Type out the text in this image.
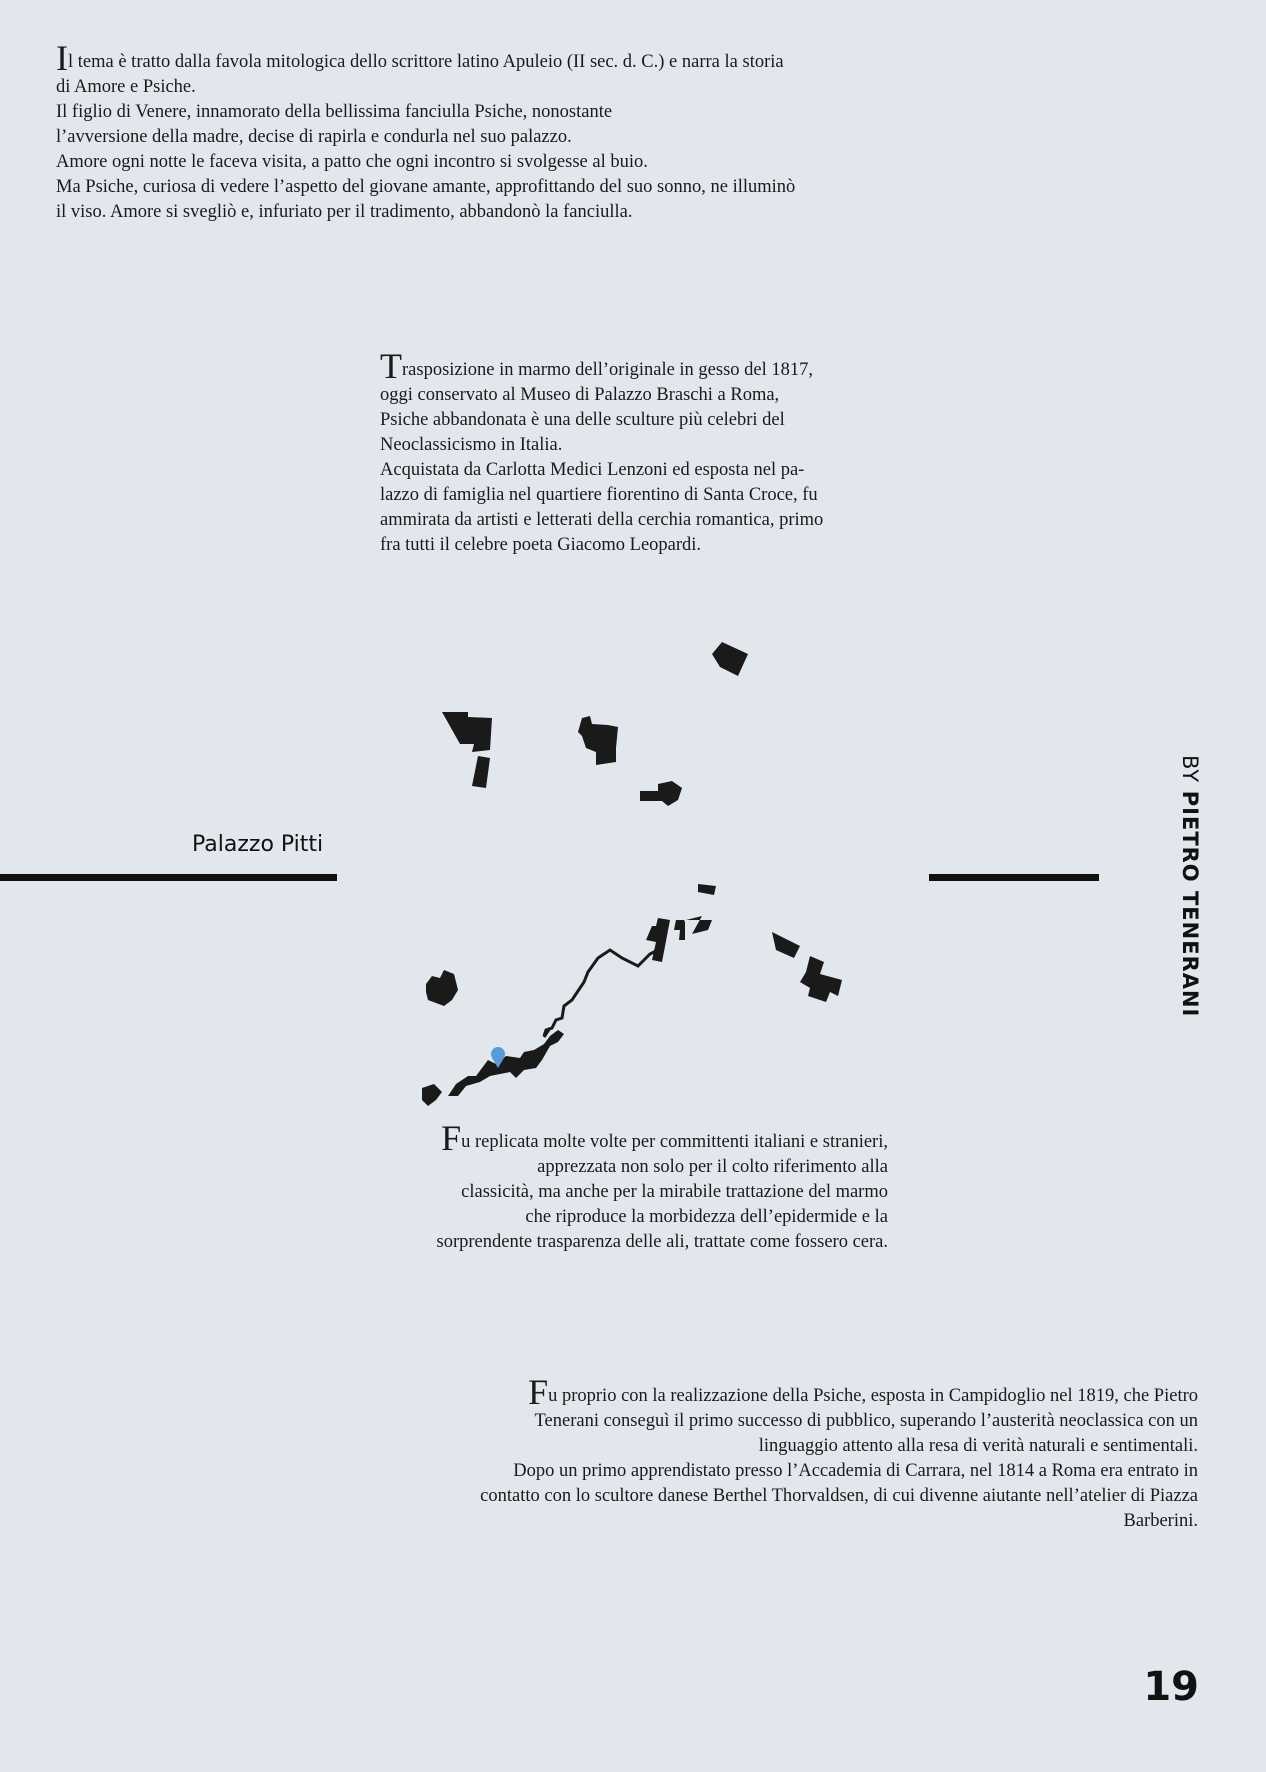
Il tema è tratto dalla favola mitologica dello scrittore latino Apuleio (II sec. d. C.) e narra la storia

di Amore e Psiche.

Il figlio di Venere, innamorato della bellissima fanciulla Psiche, nonostante

l’avversione della madre, decise di rapirla e condurla nel suo palazzo.

Amore ogni notte le faceva visita, a patto che ogni incontro si svolgesse al buio.

Ma Psiche, curiosa di vedere l’aspetto del giovane amante, approfittando del suo sonno, ne illuminò

il viso. Amore si svegliò e, infuriato per il tradimento, abbandonò la fanciulla.

Trasposizione in marmo dell’originale in gesso del 1817,

oggi conservato al Museo di Palazzo Braschi a Roma,

Psiche abbandonata è una delle sculture più celebri del

Neoclassicismo in Italia.

Acquistata da Carlotta Medici Lenzoni ed esposta nel pa-

lazzo di famiglia nel quartiere fiorentino di Santa Croce, fu

ammirata da artisti e letterati della cerchia romantica, primo

fra tutti il celebre poeta Giacomo Leopardi.

Palazzo Pitti

Fu replicata molte volte per committenti italiani e stranieri,

apprezzata non solo per il colto riferimento alla

classicità, ma anche per la mirabile trattazione del marmo

che riproduce la morbidezza dell’epidermide e la

sorprendente trasparenza delle ali, trattate come fossero cera.

Fu proprio con la realizzazione della Psiche, esposta in Campidoglio nel 1819, che Pietro

Tenerani conseguì il primo successo di pubblico, superando l’austerità neoclassica con un

linguaggio attento alla resa di verità naturali e sentimentali.

Dopo un primo apprendistato presso l’Accademia di Carrara, nel 1814 a Roma era entrato in

contatto con lo scultore danese Berthel Thorvaldsen, di cui divenne aiutante nell’atelier di Piazza

Barberini.

BY PIETRO TENERANI
19
